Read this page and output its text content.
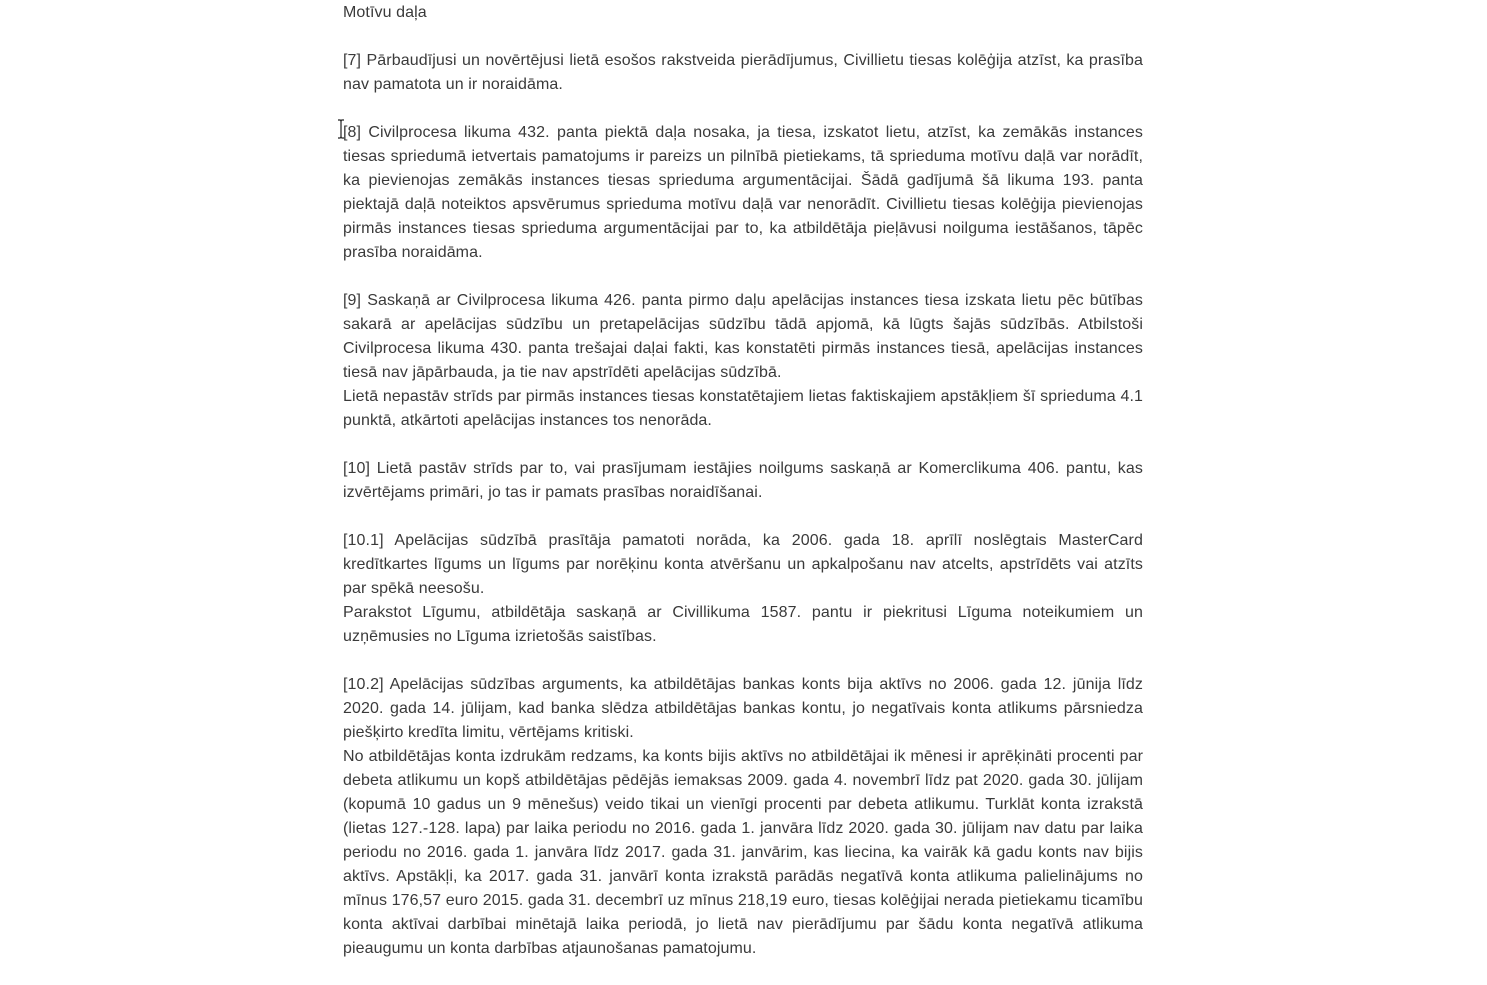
Motīvu daļa

[7] Pārbaudījusi un novērtējusi lietā esošos rakstveida pierādījumus, Civillietu tiesas kolēģija atzīst, ka prasība nav pamatota un ir noraidāma.

[8] Civilprocesa likuma 432. panta piektā daļa nosaka, ja tiesa, izskatot lietu, atzīst, ka zemākās instances tiesas spriedumā ietvertais pamatojums ir pareizs un pilnībā pietiekams, tā sprieduma motīvu daļā var norādīt, ka pievienojas zemākās instances tiesas sprieduma argumentācijai. Šādā gadījumā šā likuma 193. panta piektajā daļā noteiktos apsvērumus sprieduma motīvu daļā var nenorādīt. Civillietu tiesas kolēģija pievienojas pirmās instances tiesas sprieduma argumentācijai par to, ka atbildētāja pieļāvusi noilguma iestāšanos, tāpēc prasība noraidāma.

[9] Saskaņā ar Civilprocesa likuma 426. panta pirmo daļu apelācijas instances tiesa izskata lietu pēc būtības sakarā ar apelācijas sūdzību un pretapelācijas sūdzību tādā apjomā, kā lūgts šajās sūdzībās. Atbilstoši Civilprocesa likuma 430. panta trešajai daļai fakti, kas konstatēti pirmās instances tiesā, apelācijas instances tiesā nav jāpārbauda, ja tie nav apstrīdēti apelācijas sūdzībā.

Lietā nepastāv strīds par pirmās instances tiesas konstatētajiem lietas faktiskajiem apstākļiem šī sprieduma 4.1 punktā, atkārtoti apelācijas instances tos nenorāda.

[10] Lietā pastāv strīds par to, vai prasījumam iestājies noilgums saskaņā ar Komerclikuma 406. pantu, kas izvērtējams primāri, jo tas ir pamats prasības noraidīšanai.

[10.1] Apelācijas sūdzībā prasītāja pamatoti norāda, ka 2006. gada 18. aprīlī noslēgtais MasterCard kredītkartes līgums un līgums par norēķinu konta atvēršanu un apkalpošanu nav atcelts, apstrīdēts vai atzīts par spēkā neesošu.

Parakstot Līgumu, atbildētāja saskaņā ar Civillikuma 1587. pantu ir piekritusi Līguma noteikumiem un uzņēmusies no Līguma izrietošās saistības.

[10.2] Apelācijas sūdzības arguments, ka atbildētājas bankas konts bija aktīvs no 2006. gada 12. jūnija līdz 2020. gada 14. jūlijam, kad banka slēdza atbildētājas bankas kontu, jo negatīvais konta atlikums pārsniedza piešķirto kredīta limitu, vērtējams kritiski.

No atbildētājas konta izdrukām redzams, ka konts bijis aktīvs no atbildētājai ik mēnesi ir aprēķināti procenti par debeta atlikumu un kopš atbildētājas pēdējās iemaksas 2009. gada 4. novembrī līdz pat 2020. gada 30. jūlijam (kopumā 10 gadus un 9 mēnešus) veido tikai un vienīgi procenti par debeta atlikumu. Turklāt konta izrakstā (lietas 127.-128. lapa) par laika periodu no 2016. gada 1. janvāra līdz 2020. gada 30. jūlijam nav datu par laika periodu no 2016. gada 1. janvāra līdz 2017. gada 31. janvārim, kas liecina, ka vairāk kā gadu konts nav bijis aktīvs. Apstākļi, ka 2017. gada 31. janvārī konta izrakstā parādās negatīvā konta atlikuma palielinājums no mīnus 176,57 euro 2015. gada 31. decembrī uz mīnus 218,19 euro, tiesas kolēģijai nerada pietiekamu ticamību konta aktīvai darbībai minētajā laika periodā, jo lietā nav pierādījumu par šādu konta negatīvā atlikuma pieaugumu un konta darbības atjaunošanas pamatojumu.
